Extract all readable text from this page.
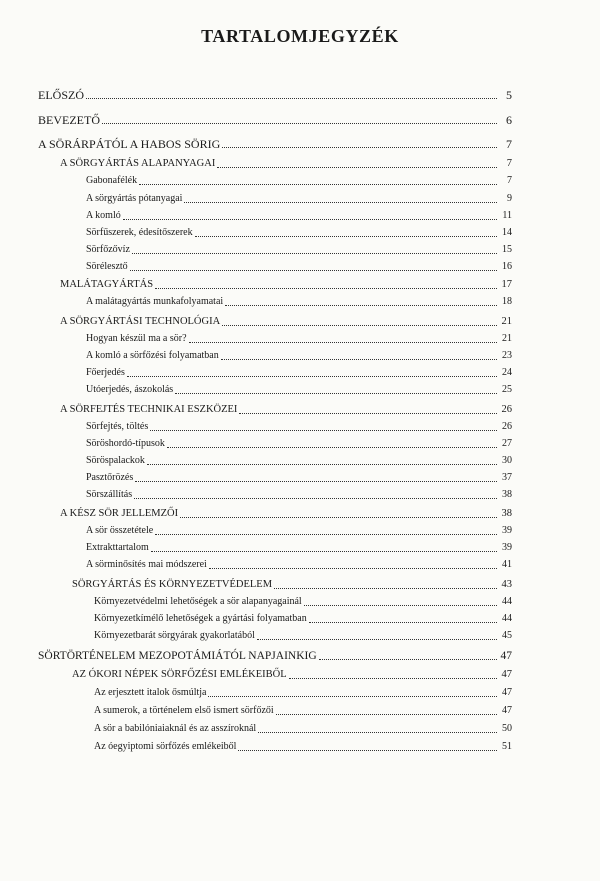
TARTALOMJEGYZÉK
ELŐSZÓ	5
BEVEZETŐ	6
A SÖRÁRPÁTÓL A HABOS SÖRIG	7
A SÖRGYÁRTÁS ALAPANYAGAI	7
Gabonafélék	7
A sörgyártás pótanyagai	9
A komló	11
Sörfűszerek, édesítőszerek	14
Sörfőzővíz	15
Sörélesztő	16
MALÁTAGYÁRTÁS	17
A malátagyártás munkafolyamatai	18
A SÖRGYÁRTÁSI TECHNOLÓGIA	21
Hogyan készül ma a sör?	21
A komló a sörfőzési folyamatban	23
Főerjedés	24
Utóerjedés, ászokolás	25
A SÖRFEJTÉS TECHNIKAI ESZKÖZEI	26
Sörfejtés, töltés	26
Söröshordó-típusok	27
Söröspalackok	30
Pasztőrözés	37
Sörszállítás	38
A KÉSZ SÖR JELLEMZŐI	38
A sör összetétele	39
Extrakttartalom	39
A sörminősítés mai módszerei	41
SÖRGYÁRTÁS ÉS KÖRNYEZETVÉDELEM	43
Környezetvédelmi lehetőségek a sör alapanyagainál	44
Környezetkímélő lehetőségek a gyártási folyamatban	44
Környezetbarát sörgyárak gyakorlatából	45
SÖRTÖRTÉNELEM MEZOPOTÁMIÁTÓL NAPJAINKIG	47
AZ ÓKORI NÉPEK SÖRFŐZÉSI EMLÉKEIBŐL	47
Az erjesztett italok ősmúltja	47
A sumerok, a történelem első ismert sörfőzői	47
A sör a babilóniaiaknál és az asszíroknál	50
Az óegyiptomi sörfőzés emlékeiből	51
